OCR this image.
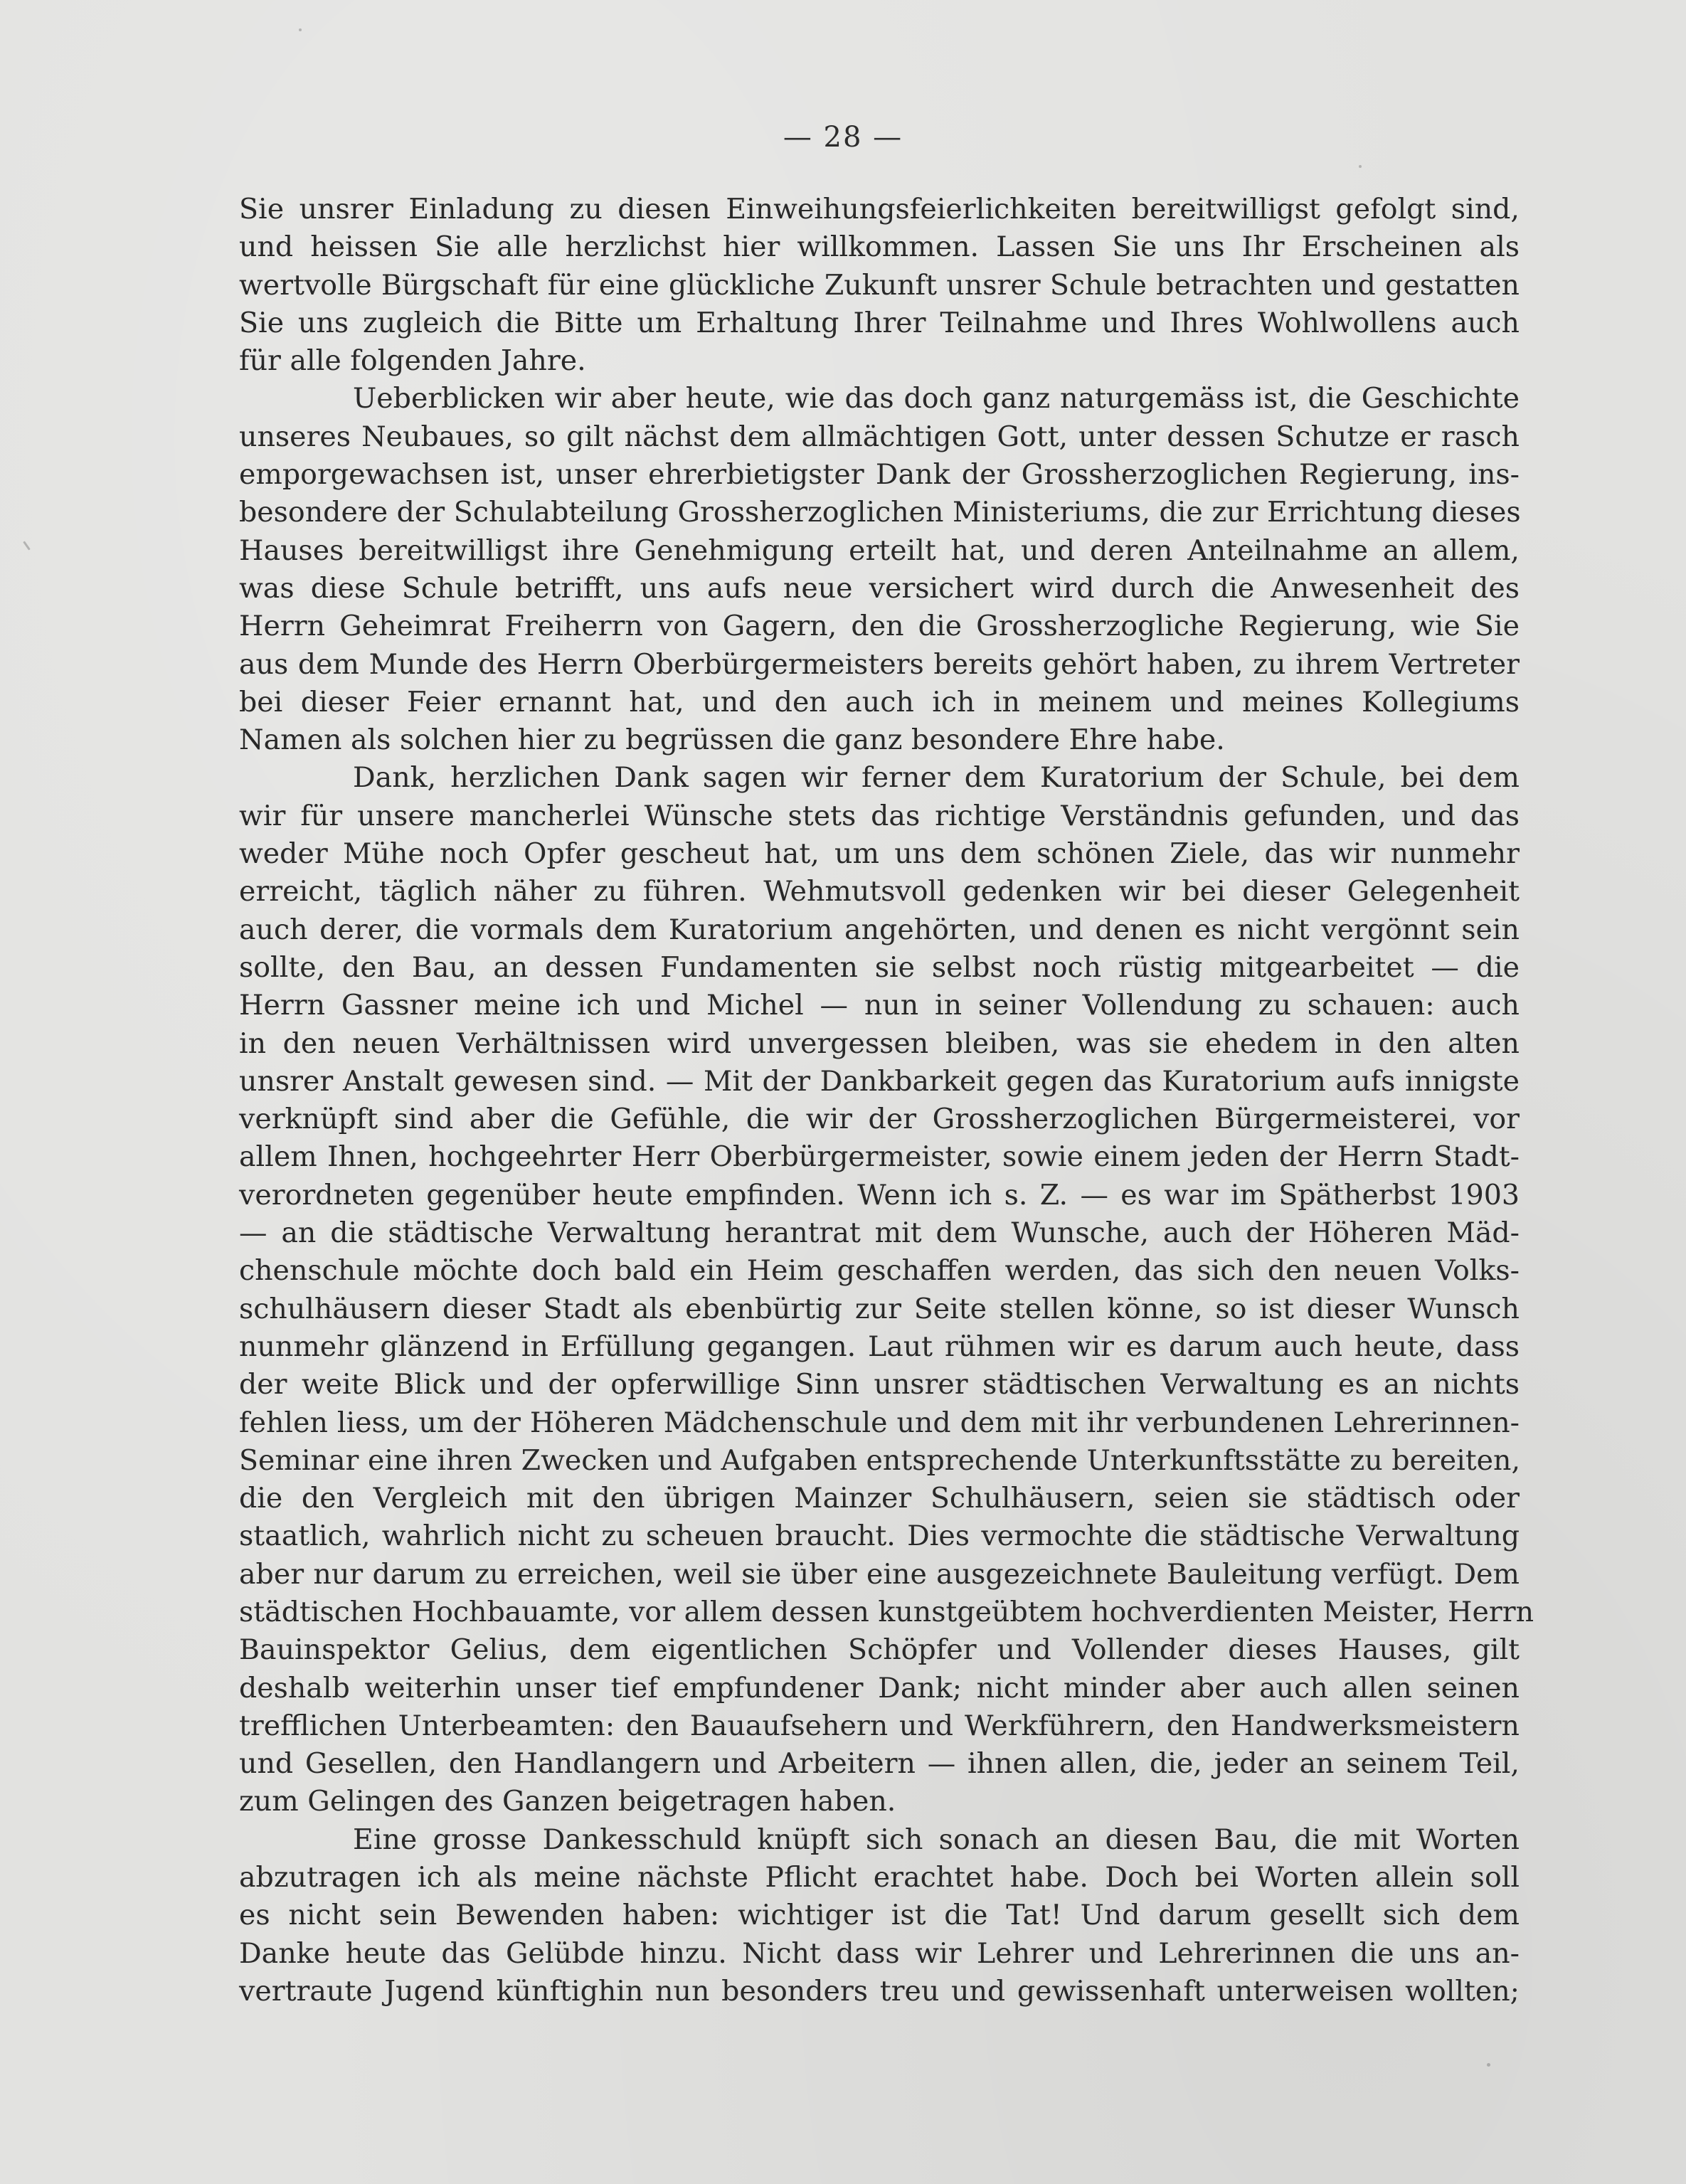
— 28 —
Sie unsrer Einladung zu diesen Einweihungsfeierlichkeiten bereitwilligst gefolgt sind,
und heissen Sie alle herzlichst hier willkommen. Lassen Sie uns Ihr Erscheinen als
wertvolle Bürgschaft für eine glückliche Zukunft unsrer Schule betrachten und gestatten
Sie uns zugleich die Bitte um Erhaltung Ihrer Teilnahme und Ihres Wohlwollens auch
für alle folgenden Jahre.
Ueberblicken wir aber heute, wie das doch ganz naturgemäss ist, die Geschichte
unseres Neubaues, so gilt nächst dem allmächtigen Gott, unter dessen Schutze er rasch
emporgewachsen ist, unser ehrerbietigster Dank der Grossherzoglichen Regierung, ins-
besondere der Schulabteilung Grossherzoglichen Ministeriums, die zur Errichtung dieses
Hauses bereitwilligst ihre Genehmigung erteilt hat, und deren Anteilnahme an allem,
was diese Schule betrifft, uns aufs neue versichert wird durch die Anwesenheit des
Herrn Geheimrat Freiherrn von Gagern, den die Grossherzogliche Regierung, wie Sie
aus dem Munde des Herrn Oberbürgermeisters bereits gehört haben, zu ihrem Vertreter
bei dieser Feier ernannt hat, und den auch ich in meinem und meines Kollegiums
Namen als solchen hier zu begrüssen die ganz besondere Ehre habe.
Dank, herzlichen Dank sagen wir ferner dem Kuratorium der Schule, bei dem
wir für unsere mancherlei Wünsche stets das richtige Verständnis gefunden, und das
weder Mühe noch Opfer gescheut hat, um uns dem schönen Ziele, das wir nunmehr
erreicht, täglich näher zu führen. Wehmutsvoll gedenken wir bei dieser Gelegenheit
auch derer, die vormals dem Kuratorium angehörten, und denen es nicht vergönnt sein
sollte, den Bau, an dessen Fundamenten sie selbst noch rüstig mitgearbeitet — die
Herrn Gassner meine ich und Michel — nun in seiner Vollendung zu schauen: auch
in den neuen Verhältnissen wird unvergessen bleiben, was sie ehedem in den alten
unsrer Anstalt gewesen sind. — Mit der Dankbarkeit gegen das Kuratorium aufs innigste
verknüpft sind aber die Gefühle, die wir der Grossherzoglichen Bürgermeisterei, vor
allem Ihnen, hochgeehrter Herr Oberbürgermeister, sowie einem jeden der Herrn Stadt-
verordneten gegenüber heute empfinden. Wenn ich s. Z. — es war im Spätherbst 1903
— an die städtische Verwaltung herantrat mit dem Wunsche, auch der Höheren Mäd-
chenschule möchte doch bald ein Heim geschaffen werden, das sich den neuen Volks-
schulhäusern dieser Stadt als ebenbürtig zur Seite stellen könne, so ist dieser Wunsch
nunmehr glänzend in Erfüllung gegangen. Laut rühmen wir es darum auch heute, dass
der weite Blick und der opferwillige Sinn unsrer städtischen Verwaltung es an nichts
fehlen liess, um der Höheren Mädchenschule und dem mit ihr verbundenen Lehrerinnen-
Seminar eine ihren Zwecken und Aufgaben entsprechende Unterkunftsstätte zu bereiten,
die den Vergleich mit den übrigen Mainzer Schulhäusern, seien sie städtisch oder
staatlich, wahrlich nicht zu scheuen braucht. Dies vermochte die städtische Verwaltung
aber nur darum zu erreichen, weil sie über eine ausgezeichnete Bauleitung verfügt. Dem
städtischen Hochbauamte, vor allem dessen kunstgeübtem hochverdienten Meister, Herrn
Bauinspektor Gelius, dem eigentlichen Schöpfer und Vollender dieses Hauses, gilt
deshalb weiterhin unser tief empfundener Dank; nicht minder aber auch allen seinen
trefflichen Unterbeamten: den Bauaufsehern und Werkführern, den Handwerksmeistern
und Gesellen, den Handlangern und Arbeitern — ihnen allen, die, jeder an seinem Teil,
zum Gelingen des Ganzen beigetragen haben.
Eine grosse Dankesschuld knüpft sich sonach an diesen Bau, die mit Worten
abzutragen ich als meine nächste Pflicht erachtet habe. Doch bei Worten allein soll
es nicht sein Bewenden haben: wichtiger ist die Tat! Und darum gesellt sich dem
Danke heute das Gelübde hinzu. Nicht dass wir Lehrer und Lehrerinnen die uns an-
vertraute Jugend künftighin nun besonders treu und gewissenhaft unterweisen wollten;
